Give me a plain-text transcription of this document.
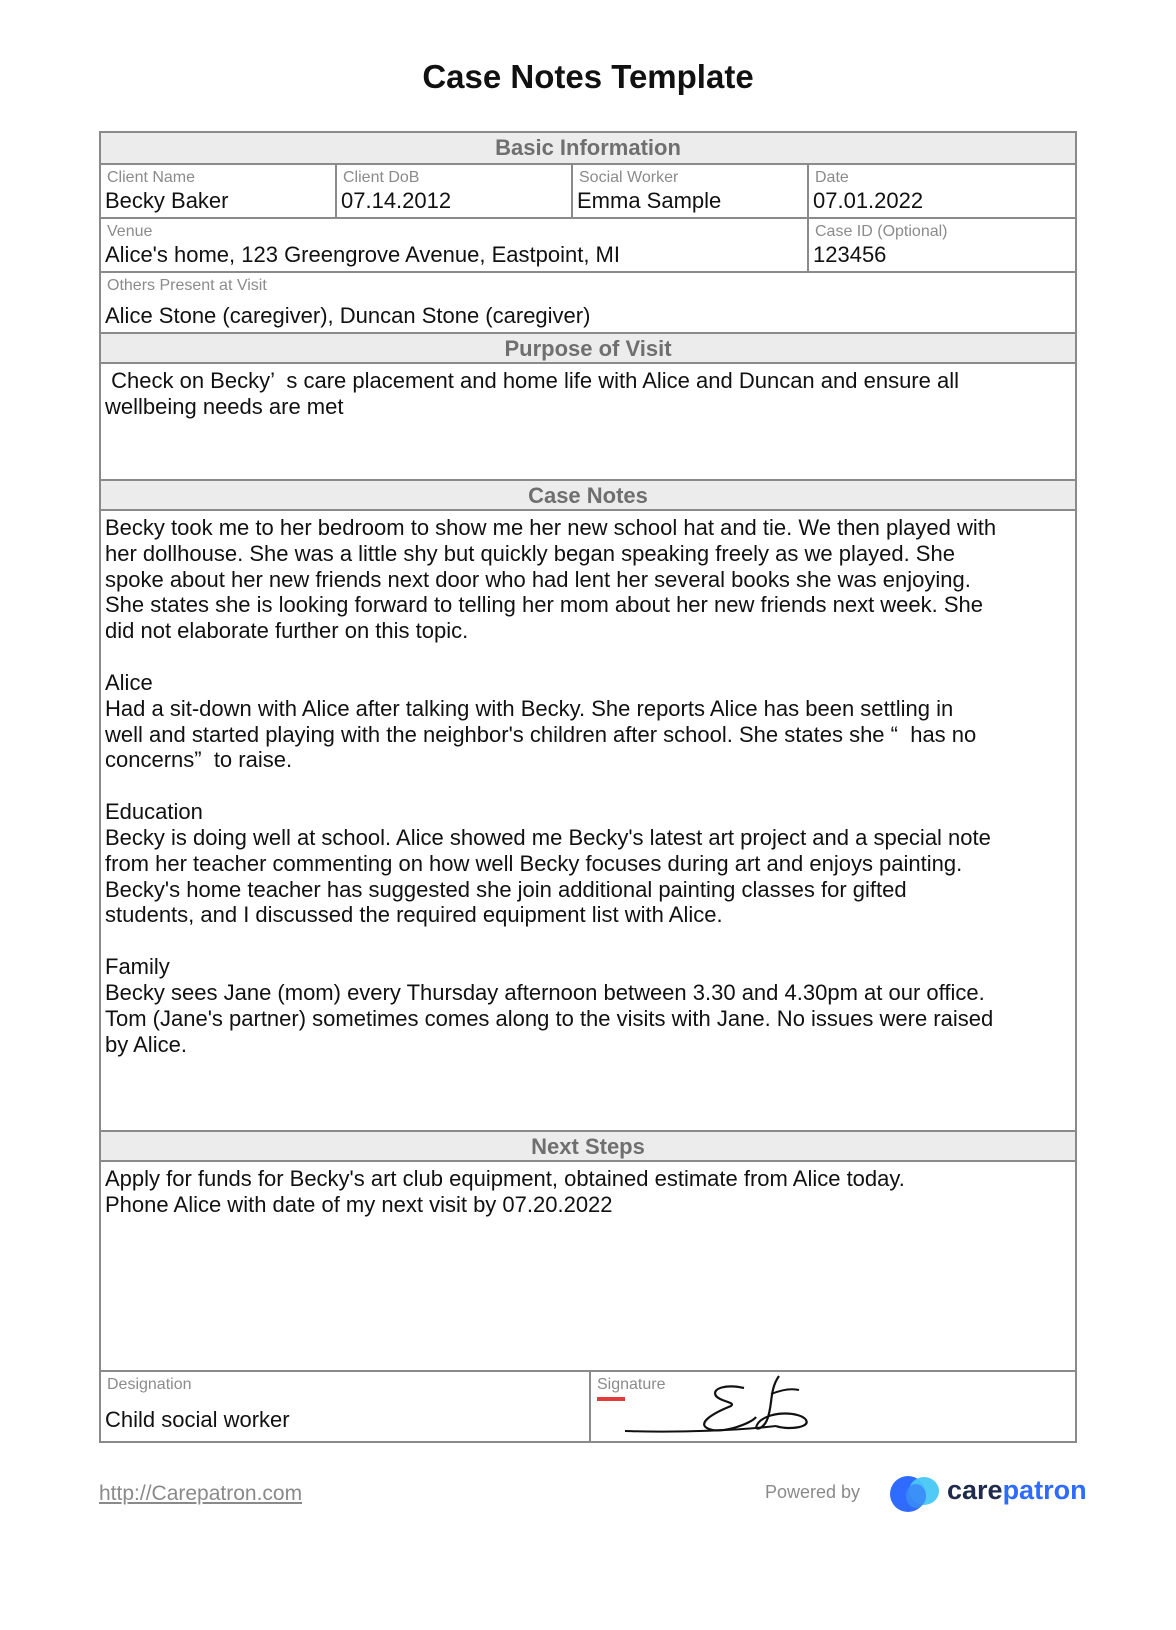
Case Notes Template
Basic Information
Client Name
Becky Baker
Client DoB
07.14.2012
Social Worker
Emma Sample
Date
07.01.2022
Venue
Alice's home, 123 Greengrove Avenue, Eastpoint, MI
Case ID (Optional)
123456
Others Present at Visit
Alice Stone (caregiver), Duncan Stone (caregiver)
Purpose of Visit

Check on Becky’  s care placement and home life with Alice and Duncan and ensure all

wellbeing needs are met

Case Notes

Becky took me to her bedroom to show me her new school hat and tie. We then played with

her dollhouse. She was a little shy but quickly began speaking freely as we played. She

spoke about her new friends next door who had lent her several books she was enjoying.

She states she is looking forward to telling her mom about her new friends next week. She

did not elaborate further on this topic.

Alice

Had a sit-down with Alice after talking with Becky. She reports Alice has been settling in

well and started playing with the neighbor's children after school. She states she “  has no

concerns”  to raise.

Education

Becky is doing well at school. Alice showed me Becky's latest art project and a special note

from her teacher commenting on how well Becky focuses during art and enjoys painting.

Becky's home teacher has suggested she join additional painting classes for gifted

students, and I discussed the required equipment list with Alice.

Family

Becky sees Jane (mom) every Thursday afternoon between 3.30 and 4.30pm at our office.

Tom (Jane's partner) sometimes comes along to the visits with Jane. No issues were raised

by Alice.

Next Steps

Apply for funds for Becky's art club equipment, obtained estimate from Alice today.

Phone Alice with date of my next visit by 07.20.2022

Designation
Child social worker
Signature
http://Carepatron.com	Powered by	carepatron
